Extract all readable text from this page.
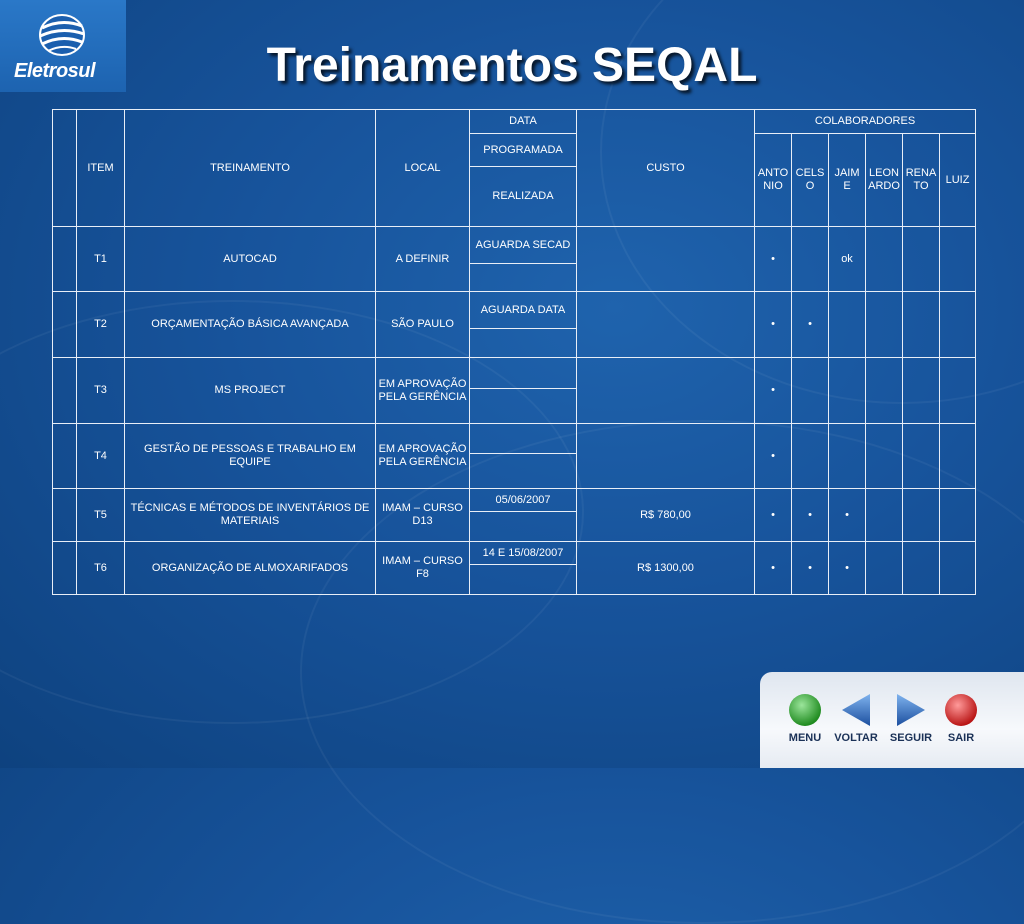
Eletrosul	Treinamentos SEQAL
	ITEM	TREINAMENTO	LOCAL	DATA	CUSTO	COLABORADORES					
				PROGRAMADA		ANTONIO	CELSO	JAIME	LEONARDO	RENATO	LUIZ
				REALIZADA							
	T1	AUTOCAD	A DEFINIR	AGUARDA SECAD		•		ok			

	T2	ORÇAMENTAÇÃO BÁSICA AVANÇADA	SÃO PAULO	AGUARDA DATA		•	•				

	T3	MS PROJECT	EM APROVAÇÃO PELA GERÊNCIA			•					

	T4	GESTÃO DE PESSOAS E TRABALHO EM EQUIPE	EM APROVAÇÃO PELA GERÊNCIA			•					

	T5	TÉCNICAS E MÉTODOS DE INVENTÁRIOS DE MATERIAIS	IMAM – CURSO D13	05/06/2007	R$ 780,00	•	•	•			

	T6	ORGANIZAÇÃO DE ALMOXARIFADOS	IMAM – CURSO F8	14 E 15/08/2007	R$ 1300,00	•	•	•			

MENU	VOLTAR	SEGUIR	SAIR
